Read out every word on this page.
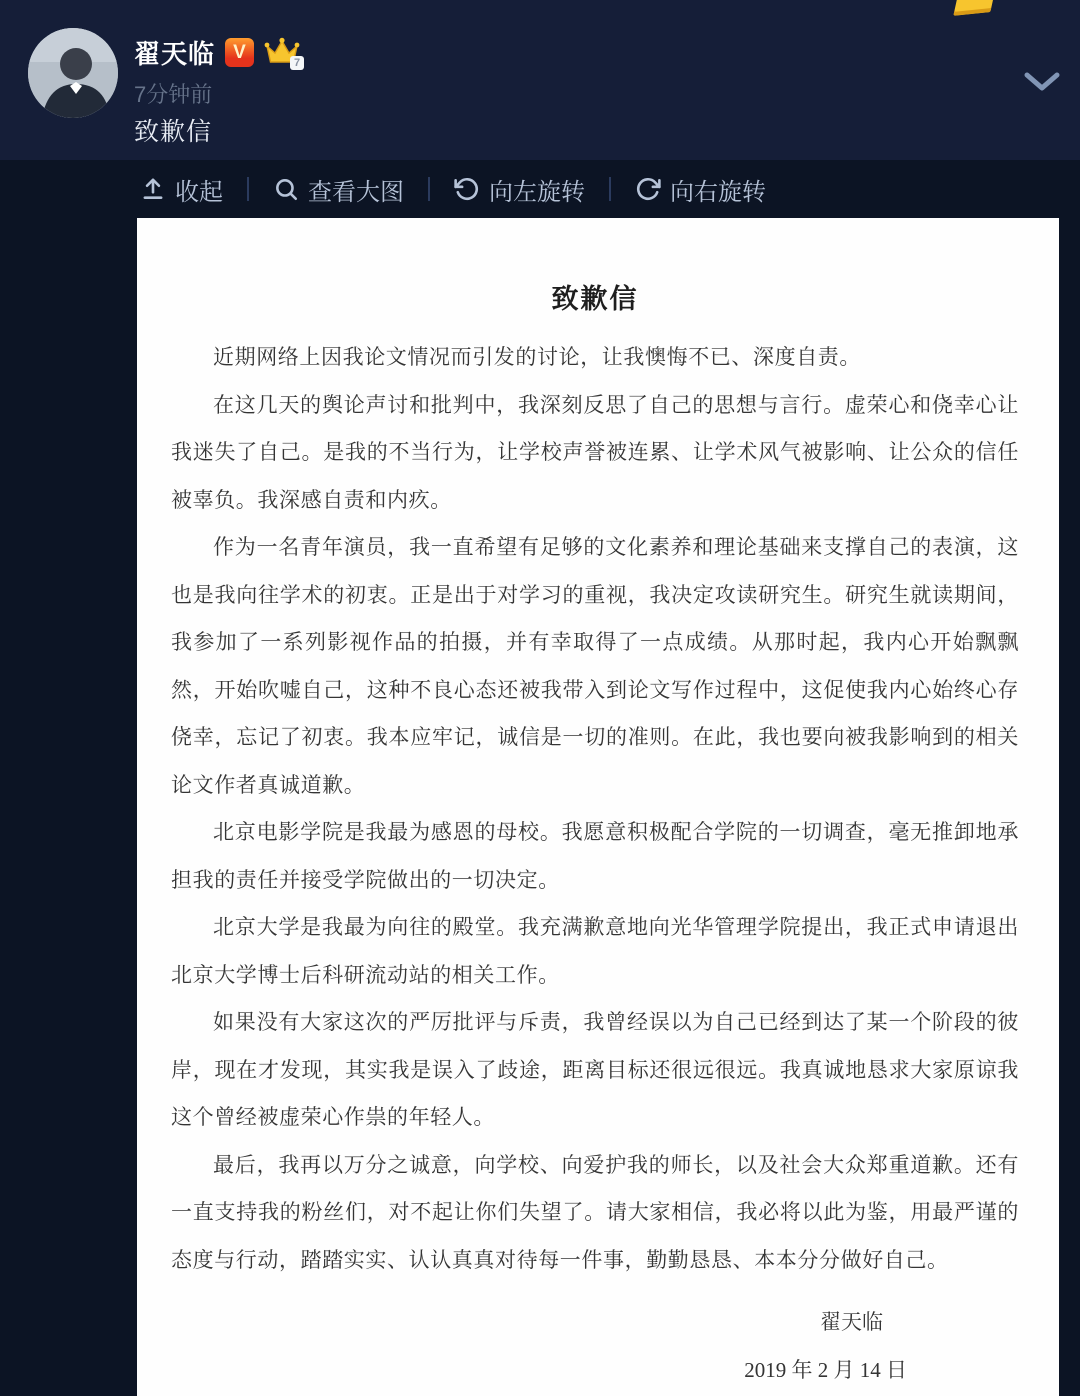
翟天临 V	7
7分钟前
致歉信
收起	查看大图	向左旋转	向右旋转
致歉信

近期网络上因我论文情况而引发的讨论，让我懊悔不已、深度自责。

在这几天的舆论声讨和批判中，我深刻反思了自己的思想与言行。虚荣心和侥幸心让我迷失了自己。是我的不当行为，让学校声誉被连累、让学术风气被影响、让公众的信任被辜负。我深感自责和内疚。

作为一名青年演员，我一直希望有足够的文化素养和理论基础来支撑自己的表演，这也是我向往学术的初衷。正是出于对学习的重视，我决定攻读研究生。研究生就读期间，我参加了一系列影视作品的拍摄，并有幸取得了一点成绩。从那时起，我内心开始飘飘然，开始吹嘘自己，这种不良心态还被我带入到论文写作过程中，这促使我内心始终心存侥幸，忘记了初衷。我本应牢记，诚信是一切的准则。在此，我也要向被我影响到的相关论文作者真诚道歉。

北京电影学院是我最为感恩的母校。我愿意积极配合学院的一切调查，毫无推卸地承担我的责任并接受学院做出的一切决定。

北京大学是我最为向往的殿堂。我充满歉意地向光华管理学院提出，我正式申请退出北京大学博士后科研流动站的相关工作。

如果没有大家这次的严厉批评与斥责，我曾经误以为自己已经到达了某一个阶段的彼岸，现在才发现，其实我是误入了歧途，距离目标还很远很远。我真诚地恳求大家原谅我这个曾经被虚荣心作祟的年轻人。

最后，我再以万分之诚意，向学校、向爱护我的师长，以及社会大众郑重道歉。还有一直支持我的粉丝们，对不起让你们失望了。请大家相信，我必将以此为鉴，用最严谨的态度与行动，踏踏实实、认认真真对待每一件事，勤勤恳恳、本本分分做好自己。

翟天临
2019 年 2 月 14 日
